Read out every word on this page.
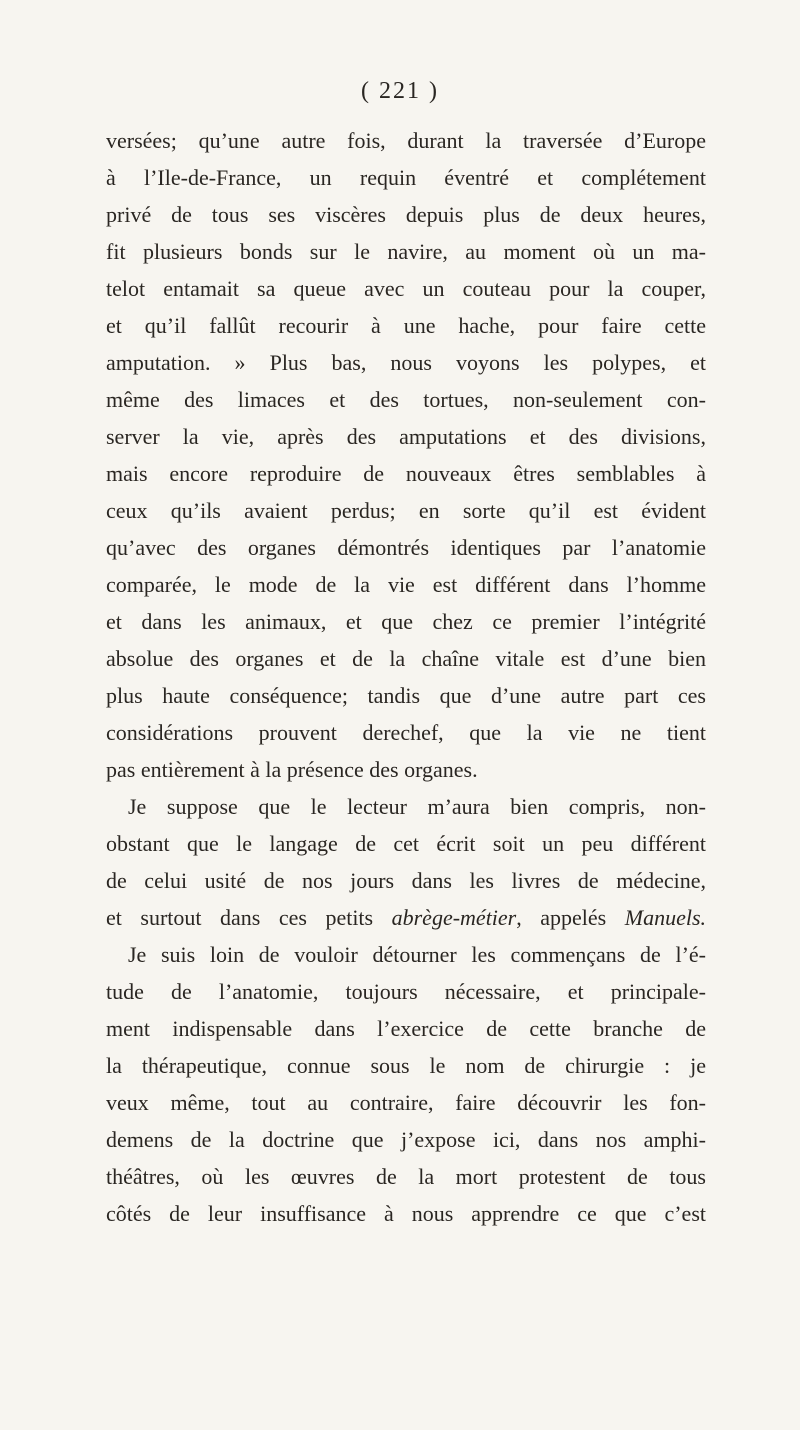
( 221 )
versées; qu’une autre fois, durant la traversée d’Europe
à l’Ile-de-France, un requin éventré et complétement
privé de tous ses viscères depuis plus de deux heures,
fit plusieurs bonds sur le navire, au moment où un ma-
telot entamait sa queue avec un couteau pour la couper,
et qu’il fallût recourir à une hache, pour faire cette
amputation. » Plus bas, nous voyons les polypes, et
même des limaces et des tortues, non-seulement con-
server la vie, après des amputations et des divisions,
mais encore reproduire de nouveaux êtres semblables à
ceux qu’ils avaient perdus; en sorte qu’il est évident
qu’avec des organes démontrés identiques par l’anatomie
comparée, le mode de la vie est différent dans l’homme
et dans les animaux, et que chez ce premier l’intégrité
absolue des organes et de la chaîne vitale est d’une bien
plus haute conséquence; tandis que d’une autre part ces
considérations prouvent derechef, que la vie ne tient
pas entièrement à la présence des organes.
Je suppose que le lecteur m’aura bien compris, non-
obstant que le langage de cet écrit soit un peu différent
de celui usité de nos jours dans les livres de médecine,
et surtout dans ces petits abrège-métier, appelés Manuels.
Je suis loin de vouloir détourner les commençans de l’é-
tude de l’anatomie, toujours nécessaire, et principale-
ment indispensable dans l’exercice de cette branche de
la thérapeutique, connue sous le nom de chirurgie : je
veux même, tout au contraire, faire découvrir les fon-
demens de la doctrine que j’expose ici, dans nos amphi-
théâtres, où les œuvres de la mort protestent de tous
côtés de leur insuffisance à nous apprendre ce que c’est
